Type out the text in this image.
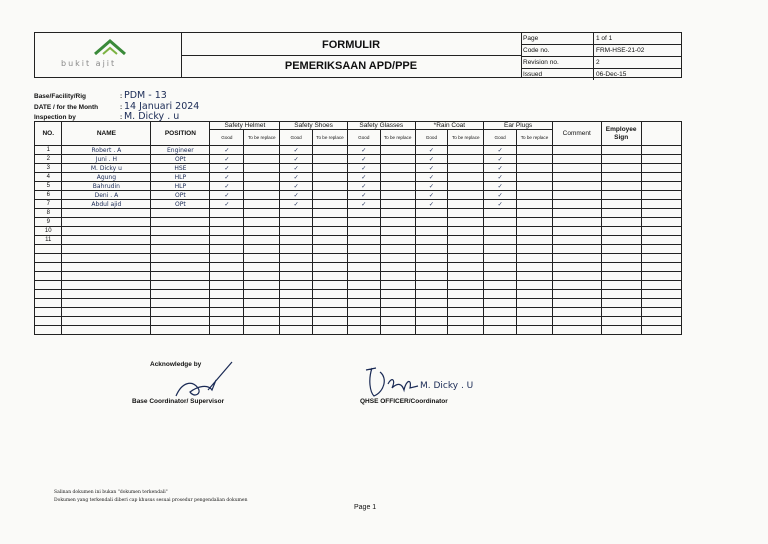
bukit ajit
FORMULIR
PEMERIKSAAN APD/PPE
Page	1 of 1
Code no.	FRM-HSE-21-02
Revision no.	2
Issued	06-Dec-15
Base/Facility/Rig	: PDM - 13
DATE / for the Month	: 14 Januari 2024
Inspection by	: M. Dicky . u
NO.	NAME	POSITION	Safety Helmet		Safety Shoes		Safety Glasses		*Rain Coat		Ear Plugs		Comment	Employee Sign	
			Good	To be replace	Good	To be replace	Good	To be replace	Good	To be replace	Good	To be replace			
1	Robert . A	Engineer	✓		✓		✓		✓		✓				
2	Juni . H	OPt	✓		✓		✓		✓		✓				
3	M. Dicky u	HSE	✓		✓		✓		✓		✓				
4	Agung	HLP	✓		✓		✓		✓		✓				
5	Bahrudin	HLP	✓		✓		✓		✓		✓				
6	Deni . A	OPt	✓		✓		✓		✓		✓				
7	Abdul ajid	OPt	✓		✓		✓		✓		✓				
8															
9															
10															
11															

Acknowledge by
Base Coordinator/ Supervisor
M. Dicky . U
QHSE OFFICER/Coordinator
Salinan dokumen ini bukan "dokumen terkendali"
Dokumen yang terkendali diberi cap khusus sesuai prosedur pengendalian dokumen
Page 1
